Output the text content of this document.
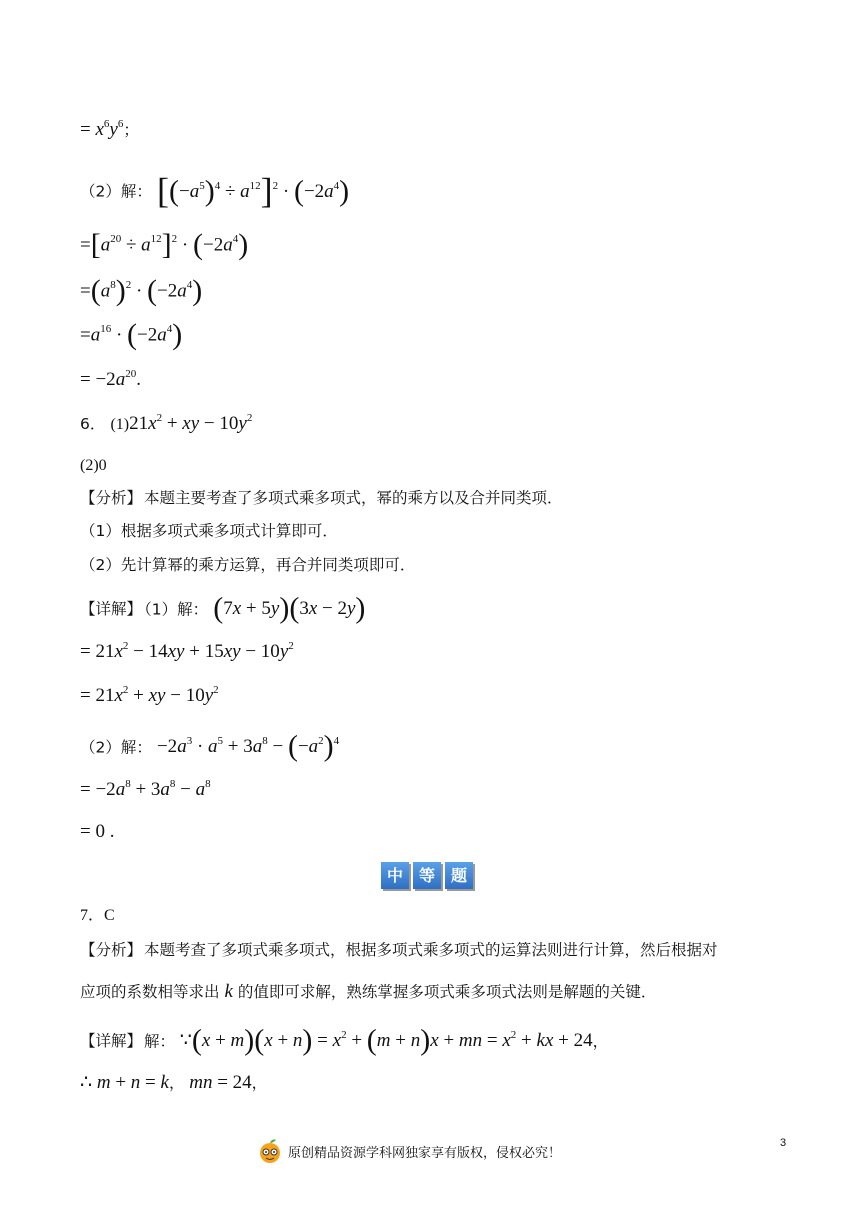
= $x^6y^6$；
（2）解： $[(-a^5)^4 \div a^{12}]^2 \cdot (-2a^4)$
$=[a^{20} \div a^{12}]^2 \cdot (-2a^4)$
$=(a^8)^2 \cdot (-2a^4)$
$=a^{16} \cdot (-2a^4)$
= $-2a^{20}$.
6． $(1)21x^2$ + xy − $10y^2$
(2)0
【分析】 本题主要考查了多项式乘多项式，幂的乘方以及合并同类项．
（1）根据多项式乘多项式计算即可．
（2）先计算幂的乘方运算，再合并同类项即可．
【详解】 （1）解： (7x + 5y)(3x − 2y)
= $21x^2 - 14xy + 15xy - 10y^2$
= $21x^2$ + xy − $10y^2$
（2）解： $-2a^3 \cdot a^5 + 3a^8 - (-a^2)^4$
= $-2a^8 + 3a^8 - a^8$
= 0 .
中 等 题
7．C
【分析】 本题考查了多项式乘多项式，根据多项式乘多项式的运算法则进行计算，然后根据对
应项的系数相等求出 k 的值即可求解，熟练掌握多项式乘多项式法则是解题的关键．
【详解】 解： ∵(x + $m)(x + n) = x^2 + (m + n)x$ + mn = $x^2$ + kx + 24，
∴ m + n = k， mn = 24，
原创精品资源学科网独家享有版权，侵权必究！
3
